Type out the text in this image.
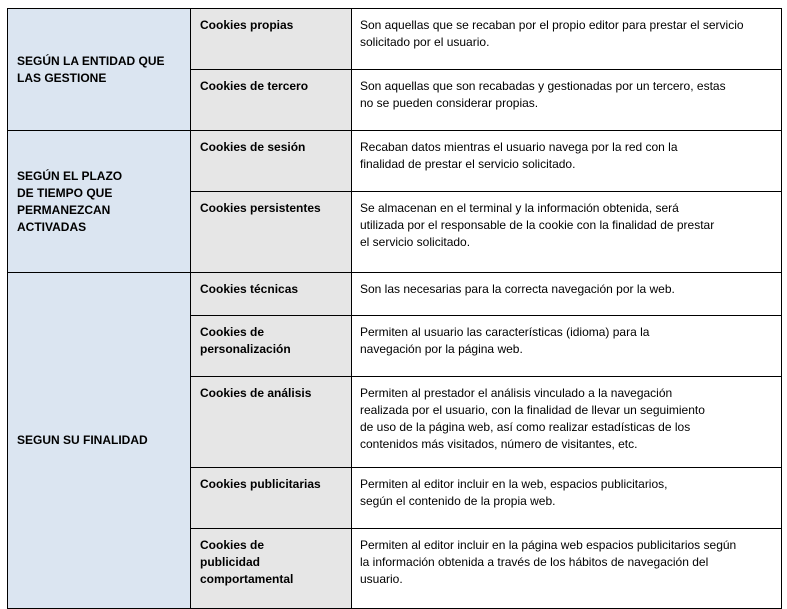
SEGÚN LA ENTIDAD QUE
LAS GESTIONE	Cookies propias	Son aquellas que se recaban por el propio editor para prestar el servicio
solicitado por el usuario.
	Cookies de tercero	Son aquellas que son recabadas y gestionadas por un tercero, estas
no se pueden considerar propias.
SEGÚN EL PLAZO
DE TIEMPO QUE
PERMANEZCAN
ACTIVADAS	Cookies de sesión	Recaban datos mientras el usuario navega por la red con la
finalidad de prestar el servicio solicitado.
	Cookies persistentes	Se almacenan en el terminal y la información obtenida, será
utilizada por el responsable de la cookie con la finalidad de prestar
el servicio solicitado.
SEGUN SU FINALIDAD	Cookies técnicas	Son las necesarias para la correcta navegación por la web.
	Cookies de
personalización	Permiten al usuario las características (idioma) para la
navegación por la página web.
	Cookies de análisis	Permiten al prestador el análisis vinculado a la navegación
realizada por el usuario, con la finalidad de llevar un seguimiento
de uso de la página web, así como realizar estadísticas de los
contenidos más visitados, número de visitantes, etc.
	Cookies publicitarias	Permiten al editor incluir en la web, espacios publicitarios,
según el contenido de la propia web.
	Cookies de
publicidad
comportamental	Permiten al editor incluir en la página web espacios publicitarios según
la información obtenida a través de los hábitos de navegación del
usuario.
